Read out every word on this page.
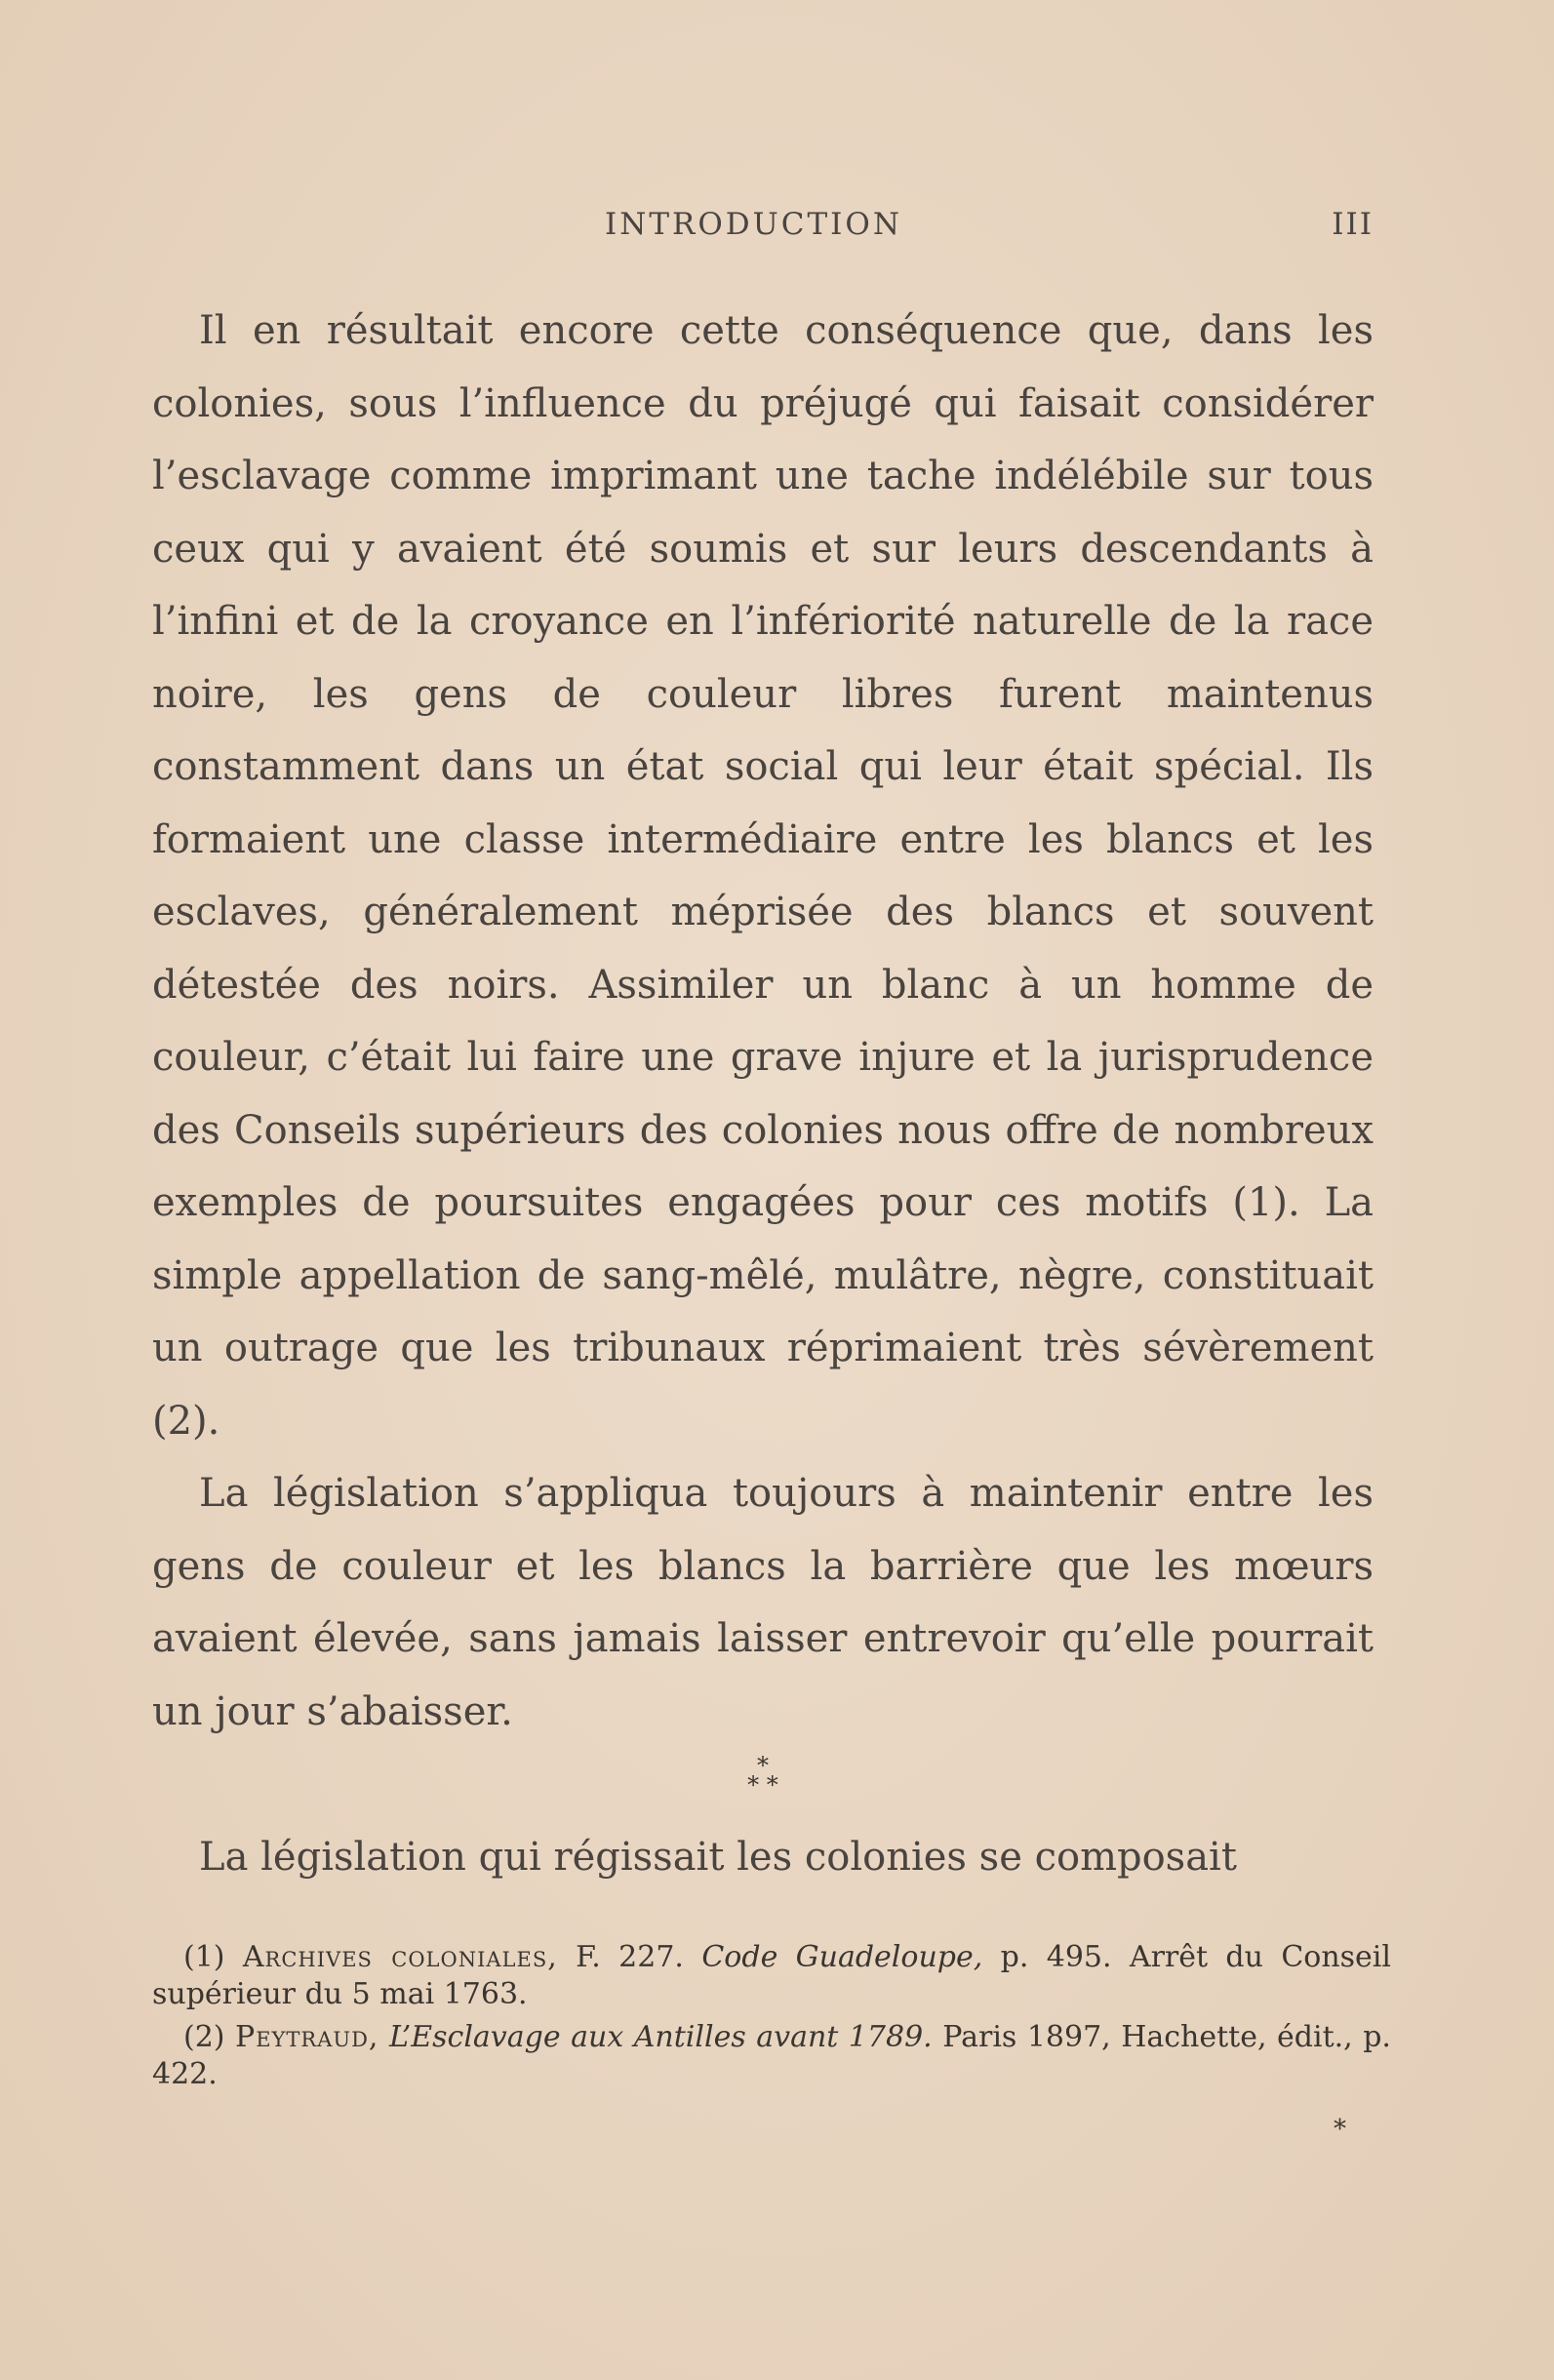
INTRODUCTION	III

Il en résultait encore cette conséquence que, dans les colonies, sous l’influence du préjugé qui faisait considérer l’esclavage comme imprimant une tache indélébile sur tous ceux qui y avaient été soumis et sur leurs descendants à l’infini et de la croyance en l’infériorité naturelle de la race noire, les gens de couleur libres furent maintenus constamment dans un état social qui leur était spécial. Ils formaient une classe intermédiaire entre les blancs et les esclaves, généralement méprisée des blancs et souvent détestée des noirs. Assimiler un blanc à un homme de couleur, c’était lui faire une grave injure et la jurisprudence des Conseils supérieurs des colonies nous offre de nombreux exemples de poursuites engagées pour ces motifs (1). La simple appellation de sang-mêlé, mulâtre, nègre, constituait un outrage que les tribunaux réprimaient très sévèrement (2).

La législation s’appliqua toujours à maintenir entre les gens de couleur et les blancs la barrière que les mœurs avaient élevée, sans jamais laisser entrevoir qu’elle pourrait un jour s’abaisser.

*
* *

La législation qui régissait les colonies se composait

(1) Archives coloniales, F. 227. Code Guadeloupe, p. 495. Arrêt du Conseil supérieur du 5 mai 1763.

(2) Peytraud, L’Esclavage aux Antilles avant 1789. Paris 1897, Hachette, édit., p. 422.

*
